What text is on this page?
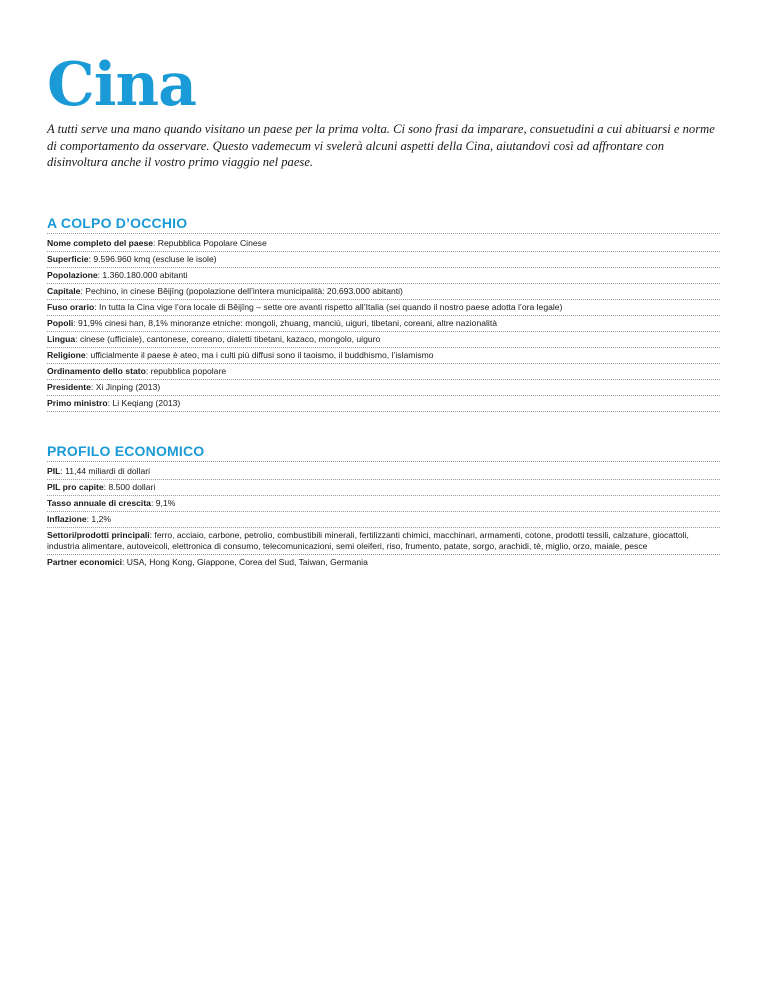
Cina

A tutti serve una mano quando visitano un paese per la prima volta. Ci sono frasi da imparare, consuetudini a cui abituarsi e norme di comportamento da osservare. Questo vademecum vi svelerà alcuni aspetti della Cina, aiutandovi così ad affrontare con disinvoltura anche il vostro primo viaggio nel paese.

A COLPO D’OCCHIO
Nome completo del paese: Repubblica Popolare Cinese
Superficie: 9.596.960 kmq (escluse le isole)
Popolazione: 1.360.180.000 abitanti
Capitale: Pechino, in cinese Běijīng (popolazione dell’intera municipalità: 20.693.000 abitanti)
Fuso orario: In tutta la Cina vige l’ora locale di Běijīng – sette ore avanti rispetto all’Italia (sei quando il nostro paese adotta l’ora legale)
Popoli: 91,9% cinesi han, 8,1% minoranze etniche: mongoli, zhuang, manciù, uiguri, tibetani, coreani, altre nazionalità
Lingua: cinese (ufficiale), cantonese, coreano, dialetti tibetani, kazaco, mongolo, uiguro
Religione: ufficialmente il paese è ateo, ma i culti più diffusi sono il taoismo, il buddhismo, l’islamismo
Ordinamento dello stato: repubblica popolare
Presidente: Xi Jinping (2013)
Primo ministro: Li Keqiang (2013)
PROFILO ECONOMICO
PIL: 11,44 miliardi di dollari
PIL pro capite: 8.500 dollari
Tasso annuale di crescita: 9,1%
Inflazione: 1,2%
Settori/prodotti principali: ferro, acciaio, carbone, petrolio, combustibili minerali, fertilizzanti chimici, macchinari, armamenti, cotone, prodotti tessili, calzature, giocattoli, industria alimentare, autoveicoli, elettronica di consumo, telecomunicazioni, semi oleiferi, riso, frumento, patate, sorgo, arachidi, tè, miglio, orzo, maiale, pesce
Partner economici: USA, Hong Kong, Giappone, Corea del Sud, Taiwan, Germania
